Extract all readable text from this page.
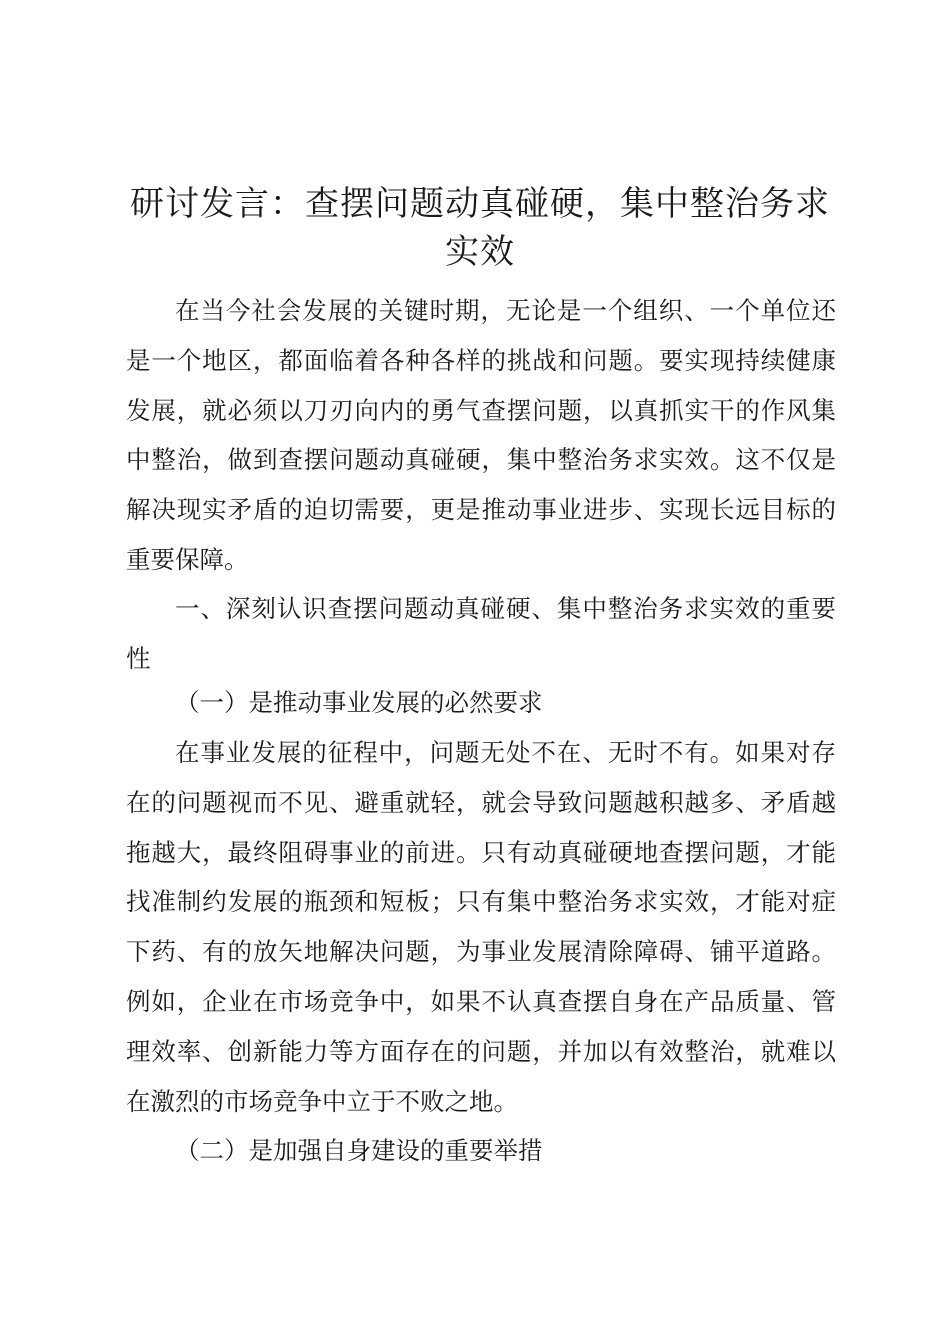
研讨发言：查摆问题动真碰硬，集中整治务求实效

在当今社会发展的关键时期，无论是一个组织、一个单位还是一个地区，都面临着各种各样的挑战和问题。要实现持续健康发展，就必须以刀刃向内的勇气查摆问题，以真抓实干的作风集中整治，做到查摆问题动真碰硬，集中整治务求实效。这不仅是解决现实矛盾的迫切需要，更是推动事业进步、实现长远目标的重要保障。

一、深刻认识查摆问题动真碰硬、集中整治务求实效的重要性

（一）是推动事业发展的必然要求

在事业发展的征程中，问题无处不在、无时不有。如果对存在的问题视而不见、避重就轻，就会导致问题越积越多、矛盾越拖越大，最终阻碍事业的前进。只有动真碰硬地查摆问题，才能找准制约发展的瓶颈和短板；只有集中整治务求实效，才能对症下药、有的放矢地解决问题，为事业发展清除障碍、铺平道路。例如，企业在市场竞争中，如果不认真查摆自身在产品质量、管理效率、创新能力等方面存在的问题，并加以有效整治，就难以在激烈的市场竞争中立于不败之地。

（二）是加强自身建设的重要举措
